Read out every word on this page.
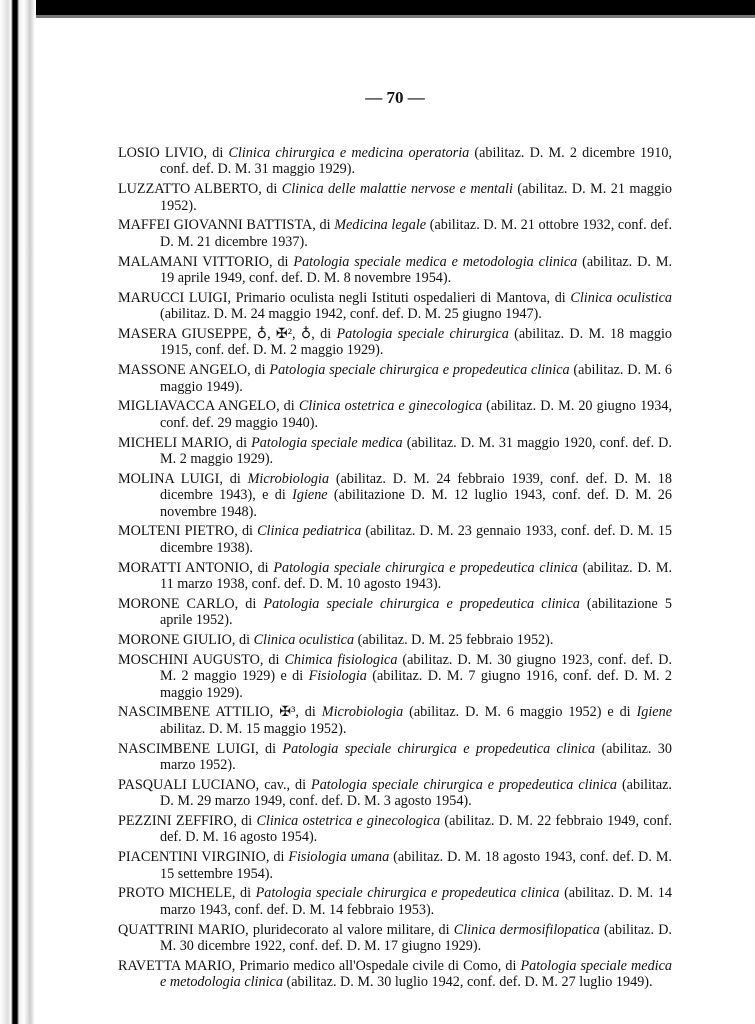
— 70 —

LOSIO LIVIO, di Clinica chirurgica e medicina operatoria (abilitaz. D. M. 2 dicembre 1910, conf. def. D. M. 31 maggio 1929).

LUZZATTO ALBERTO, di Clinica delle malattie nervose e mentali (abilitaz. D. M. 21 maggio 1952).

MAFFEI GIOVANNI BATTISTA, di Medicina legale (abilitaz. D. M. 21 ottobre 1932, conf. def. D. M. 21 dicembre 1937).

MALAMANI VITTORIO, di Patologia speciale medica e metodologia clinica (abilitaz. D. M. 19 aprile 1949, conf. def. D. M. 8 novembre 1954).

MARUCCI LUIGI, Primario oculista negli Istituti ospedalieri di Mantova, di Clinica oculistica (abilitaz. D. M. 24 maggio 1942, conf. def. D. M. 25 giugno 1947).

MASERA GIUSEPPE, ♁, ✠², ♁, di Patologia speciale chirurgica (abilitaz. D. M. 18 maggio 1915, conf. def. D. M. 2 maggio 1929).

MASSONE ANGELO, di Patologia speciale chirurgica e propedeutica clinica (abilitaz. D. M. 6 maggio 1949).

MIGLIAVACCA ANGELO, di Clinica ostetrica e ginecologica (abilitaz. D. M. 20 giugno 1934, conf. def. 29 maggio 1940).

MICHELI MARIO, di Patologia speciale medica (abilitaz. D. M. 31 maggio 1920, conf. def. D. M. 2 maggio 1929).

MOLINA LUIGI, di Microbiologia (abilitaz. D. M. 24 febbraio 1939, conf. def. D. M. 18 dicembre 1943), e di Igiene (abilitazione D. M. 12 luglio 1943, conf. def. D. M. 26 novembre 1948).

MOLTENI PIETRO, di Clinica pediatrica (abilitaz. D. M. 23 gennaio 1933, conf. def. D. M. 15 dicembre 1938).

MORATTI ANTONIO, di Patologia speciale chirurgica e propedeutica clinica (abilitaz. D. M. 11 marzo 1938, conf. def. D. M. 10 agosto 1943).

MORONE CARLO, di Patologia speciale chirurgica e propedeutica clinica (abilitazione 5 aprile 1952).

MORONE GIULIO, di Clinica oculistica (abilitaz. D. M. 25 febbraio 1952).

MOSCHINI AUGUSTO, di Chimica fisiologica (abilitaz. D. M. 30 giugno 1923, conf. def. D. M. 2 maggio 1929) e di Fisiologia (abilitaz. D. M. 7 giugno 1916, conf. def. D. M. 2 maggio 1929).

NASCIMBENE ATTILIO, ✠³, di Microbiologia (abilitaz. D. M. 6 maggio 1952) e di Igiene abilitaz. D. M. 15 maggio 1952).

NASCIMBENE LUIGI, di Patologia speciale chirurgica e propedeutica clinica (abilitaz. 30 marzo 1952).

PASQUALI LUCIANO, cav., di Patologia speciale chirurgica e propedeutica clinica (abilitaz. D. M. 29 marzo 1949, conf. def. D. M. 3 agosto 1954).

PEZZINI ZEFFIRO, di Clinica ostetrica e ginecologica (abilitaz. D. M. 22 febbraio 1949, conf. def. D. M. 16 agosto 1954).

PIACENTINI VIRGINIO, di Fisiologia umana (abilitaz. D. M. 18 agosto 1943, conf. def. D. M. 15 settembre 1954).

PROTO MICHELE, di Patologia speciale chirurgica e propedeutica clinica (abilitaz. D. M. 14 marzo 1943, conf. def. D. M. 14 febbraio 1953).

QUATTRINI MARIO, pluridecorato al valore militare, di Clinica dermosifilopatica (abilitaz. D. M. 30 dicembre 1922, conf. def. D. M. 17 giugno 1929).

RAVETTA MARIO, Primario medico all'Ospedale civile di Como, di Patologia speciale medica e metodologia clinica (abilitaz. D. M. 30 luglio 1942, conf. def. D. M. 27 luglio 1949).
